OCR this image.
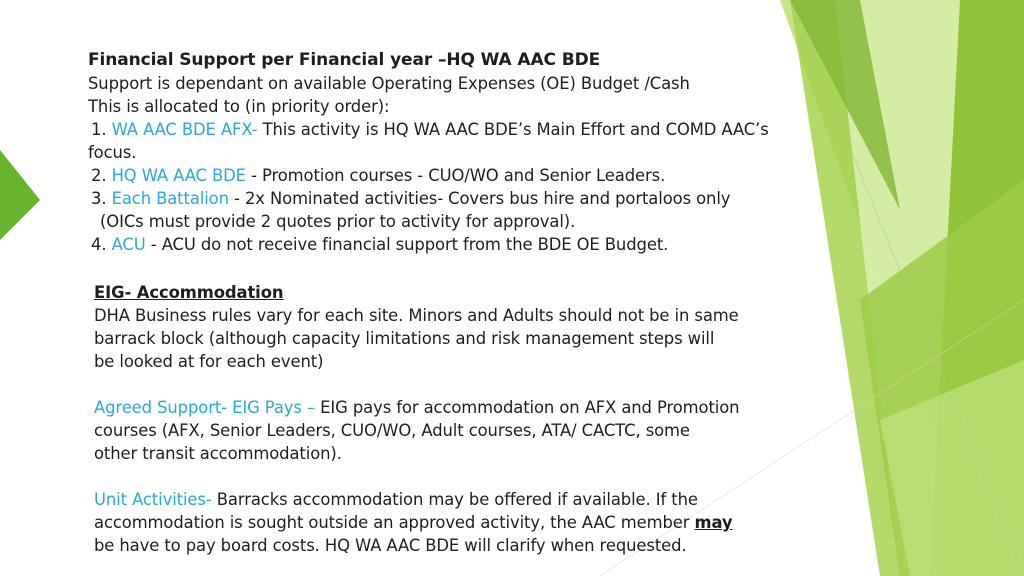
Financial Support per Financial year –HQ WA AAC BDE
Support is dependant on available Operating Expenses (OE) Budget /Cash
This is allocated to (in priority order):
1. WA AAC BDE AFX- This activity is HQ WA AAC BDE’s Main Effort and COMD AAC’s
focus.
2. HQ WA AAC BDE - Promotion courses - CUO/WO and Senior Leaders.
3. Each Battalion - 2x Nominated activities- Covers bus hire and portaloos only
(OICs must provide 2 quotes prior to activity for approval).
4. ACU - ACU do not receive financial support from the BDE OE Budget.
EIG- Accommodation
DHA Business rules vary for each site. Minors and Adults should not be in same
barrack block (although capacity limitations and risk management steps will
be looked at for each event)
Agreed Support- EIG Pays – EIG pays for accommodation on AFX and Promotion
courses (AFX, Senior Leaders, CUO/WO, Adult courses, ATA/ CACTC, some
other transit accommodation).
Unit Activities- Barracks accommodation may be offered if available. If the
accommodation is sought outside an approved activity, the AAC member may
be have to pay board costs. HQ WA AAC BDE will clarify when requested.
